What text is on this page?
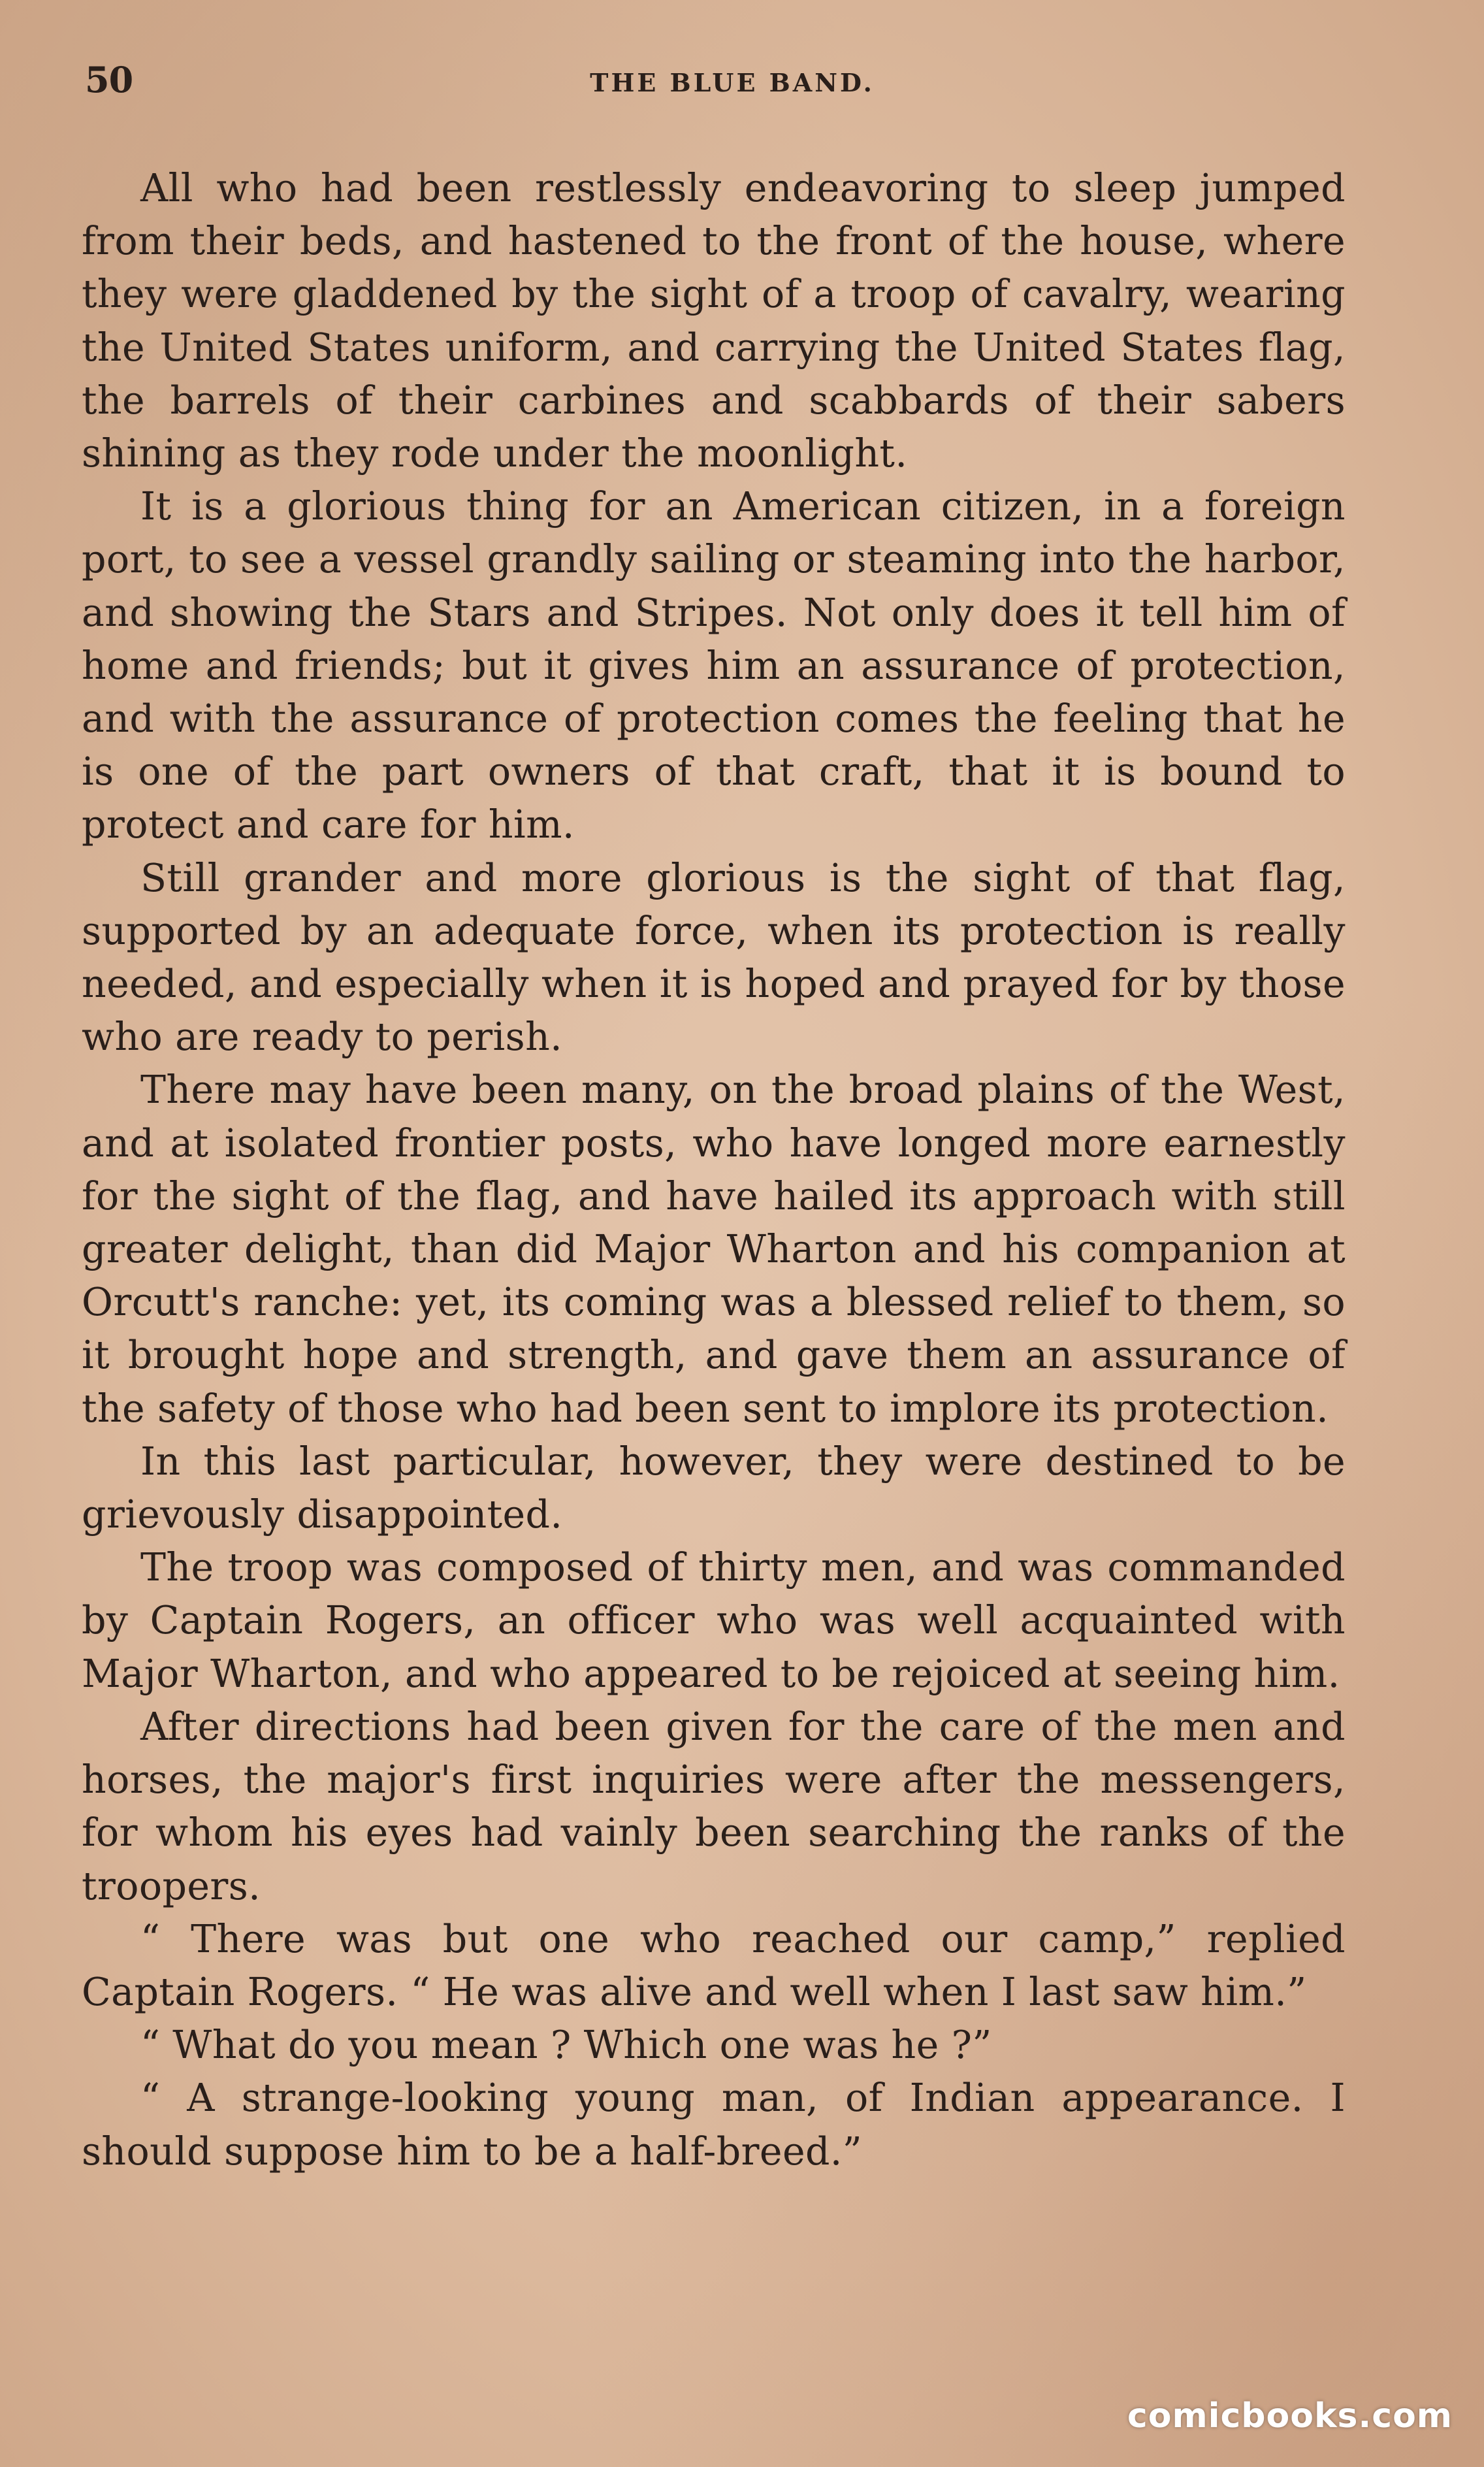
50	THE BLUE BAND.

All who had been restlessly endeavoring to sleep jumped from their beds, and hastened to the front of the house, where they were gladdened by the sight of a troop of cavalry, wearing the United States uniform, and carrying the United States flag, the barrels of their carbines and scabbards of their sabers shining as they rode under the moonlight.

It is a glorious thing for an American citizen, in a foreign port, to see a vessel grandly sailing or steaming into the harbor, and showing the Stars and Stripes. Not only does it tell him of home and friends; but it gives him an assurance of protection, and with the assurance of protection comes the feeling that he is one of the part owners of that craft, that it is bound to protect and care for him.

Still grander and more glorious is the sight of that flag, supported by an adequate force, when its protection is really needed, and especially when it is hoped and prayed for by those who are ready to perish.

There may have been many, on the broad plains of the West, and at isolated frontier posts, who have longed more earnestly for the sight of the flag, and have hailed its approach with still greater delight, than did Major Wharton and his companion at Orcutt's ranche: yet, its coming was a blessed relief to them, so it brought hope and strength, and gave them an assurance of the safety of those who had been sent to implore its protection.

In this last particular, however, they were destined to be grievously disappointed.

The troop was composed of thirty men, and was commanded by Captain Rogers, an officer who was well acquainted with Major Wharton, and who appeared to be rejoiced at seeing him.

After directions had been given for the care of the men and horses, the major's first inquiries were after the messengers, for whom his eyes had vainly been searching the ranks of the troopers.

“ There was but one who reached our camp,” replied Captain Rogers. “ He was alive and well when I last saw him.”

“ What do you mean ? Which one was he ?”

“ A strange-looking young man, of Indian appearance. I should suppose him to be a half-breed.”

comicbooks.com
